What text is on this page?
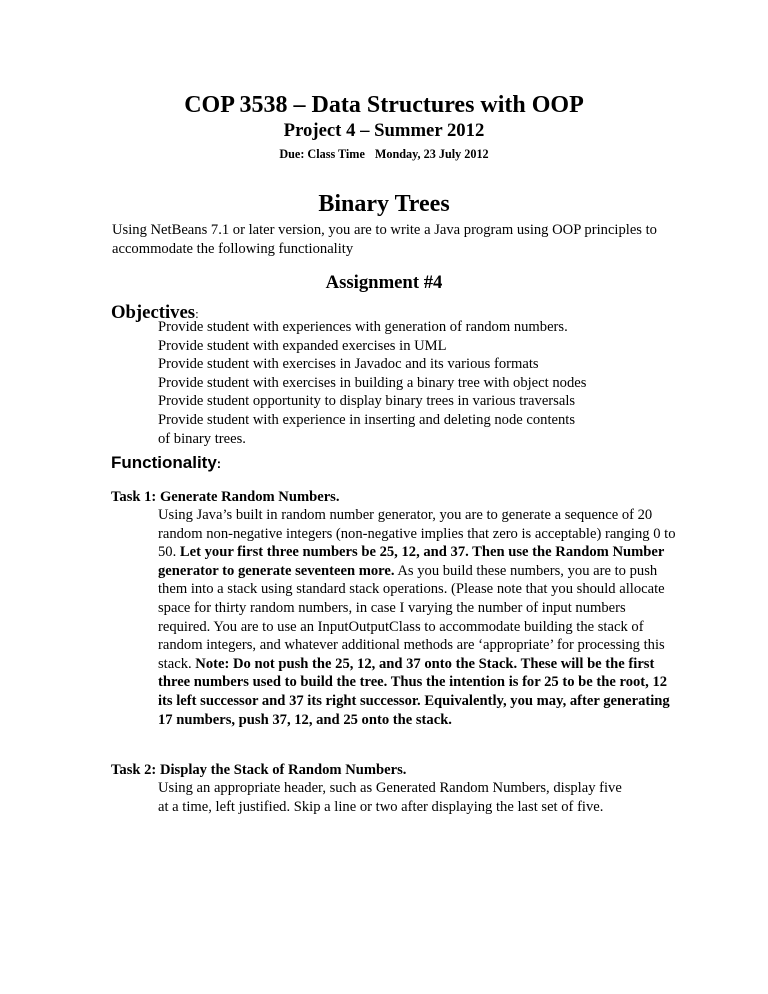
COP 3538 – Data Structures with OOP
Project 4 – Summer 2012
Due: Class Time Monday, 23 July 2012
Binary Trees
Using NetBeans 7.1 or later version, you are to write a Java program using OOP principles to accommodate the following functionality
Assignment #4
Objectives:
Provide student with experiences with generation of random numbers.
Provide student with expanded exercises in UML
Provide student with exercises in Javadoc and its various formats
Provide student with exercises in building a binary tree with object nodes
Provide student opportunity to display binary trees in various traversals
Provide student with experience in inserting and deleting node contents
of binary trees.
Functionality:
Task 1: Generate Random Numbers.
Using Java’s built in random number generator, you are to generate a sequence of 20 random non-negative integers (non-negative implies that zero is acceptable) ranging 0 to 50. Let your first three numbers be 25, 12, and 37. Then use the Random Number generator to generate seventeen more. As you build these numbers, you are to push them into a stack using standard stack operations. (Please note that you should allocate space for thirty random numbers, in case I varying the number of input numbers required. You are to use an InputOutputClass to accommodate building the stack of random integers, and whatever additional methods are ‘appropriate’ for processing this stack. Note: Do not push the 25, 12, and 37 onto the Stack. These will be the first three numbers used to build the tree. Thus the intention is for 25 to be the root, 12 its left successor and 37 its right successor. Equivalently, you may, after generating 17 numbers, push 37, 12, and 25 onto the stack.
Task 2: Display the Stack of Random Numbers.
Using an appropriate header, such as Generated Random Numbers, display five at a time, left justified. Skip a line or two after displaying the last set of five.
